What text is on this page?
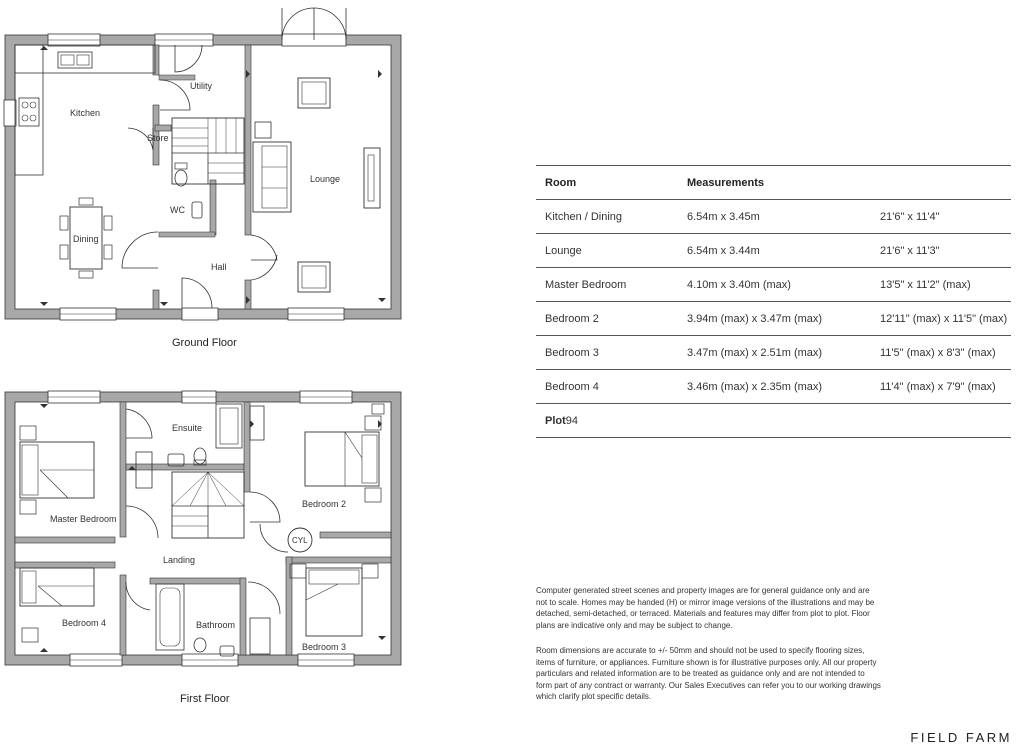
Kitchen
Utility
Store
Dining
WC
Hall
Lounge
Ground Floor
CYL
Ensuite
Master Bedroom
Bedroom 2
Landing
Bedroom 4	Bathroom
Bedroom 3
First Floor
Room	Measurements	
Kitchen / Dining	6.54m x 3.45m	21'6" x 11'4"
Lounge	6.54m x 3.44m	21'6" x 11'3"
Master Bedroom	4.10m x 3.40m (max)	13'5" x 11'2" (max)
Bedroom 2	3.94m (max) x 3.47m (max)	12'11" (max) x 11'5" (max)
Bedroom 3	3.47m (max) x 2.51m (max)	11'5" (max) x 8'3" (max)
Bedroom 4	3.46m (max) x 2.35m (max)	11'4" (max) x 7'9" (max)
Plot94		

Computer generated street scenes and property images are for general guidance only and are not to scale. Homes may be handed (H) or mirror image versions of the illustrations and may be detached, semi-detached, or terraced. Materials and features may differ from plot to plot. Floor plans are indicative only and may be subject to change.

Room dimensions are accurate to +/- 50mm and should not be used to specify flooring sizes, items of furniture, or appliances. Furniture shown is for illustrative purposes only. All our property particulars and related information are to be treated as guidance only and are not intended to form part of any contract or warranty. Our Sales Executives can refer you to our working drawings which clarify plot specific details.

FIELD FARM
